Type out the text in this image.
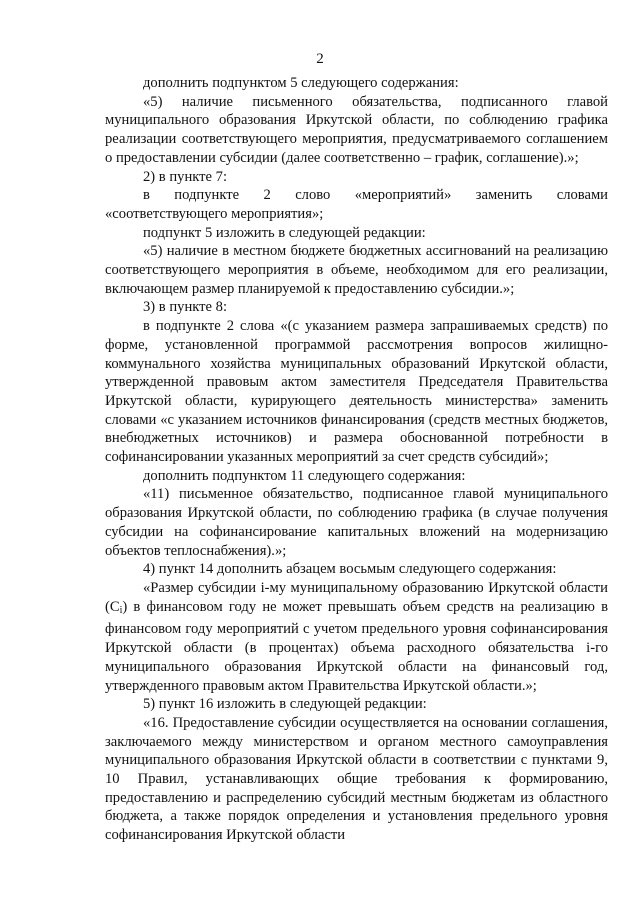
2

дополнить подпунктом 5 следующего содержания:

«5) наличие письменного обязательства, подписанного главой муниципального образования Иркутской области, по соблюдению графика реализации соответствующего мероприятия, предусматриваемого соглашением о предоставлении субсидии (далее соответственно – график, соглашение).»;

2) в пункте 7:

в подпункте 2 слово «мероприятий» заменить словами «соответствующего мероприятия»;

подпункт 5 изложить в следующей редакции:

«5) наличие в местном бюджете бюджетных ассигнований на реализацию соответствующего мероприятия в объеме, необходимом для его реализации, включающем размер планируемой к предоставлению субсидии.»;

3) в пункте 8:

в подпункте 2 слова «(с указанием размера запрашиваемых средств) по форме, установленной программой рассмотрения вопросов жилищно-коммунального хозяйства муниципальных образований Иркутской области, утвержденной правовым актом заместителя Председателя Правительства Иркутской области, курирующего деятельность министерства» заменить словами «с указанием источников финансирования (средств местных бюджетов, внебюджетных источников) и размера обоснованной потребности в софинансировании указанных мероприятий за счет средств субсидий»;

дополнить подпунктом 11 следующего содержания:

«11) письменное обязательство, подписанное главой муниципального образования Иркутской области, по соблюдению графика (в случае получения субсидии на софинансирование капитальных вложений на модернизацию объектов теплоснабжения).»;

4) пункт 14 дополнить абзацем восьмым следующего содержания:

«Размер субсидии i-му муниципальному образованию Иркутской области $(C_i)$ в финансовом году не может превышать объем средств на реализацию в финансовом году мероприятий с учетом предельного уровня софинансирования Иркутской области (в процентах) объема расходного обязательства i-го муниципального образования Иркутской области на финансовый год, утвержденного правовым актом Правительства Иркутской области.»;

5) пункт 16 изложить в следующей редакции:

«16. Предоставление субсидии осуществляется на основании соглашения, заключаемого между министерством и органом местного самоуправления муниципального образования Иркутской области в соответствии с пунктами 9, 10 Правил, устанавливающих общие требования к формированию, предоставлению и распределению субсидий местным бюджетам из областного бюджета, а также порядок определения и установления предельного уровня софинансирования Иркутской области
